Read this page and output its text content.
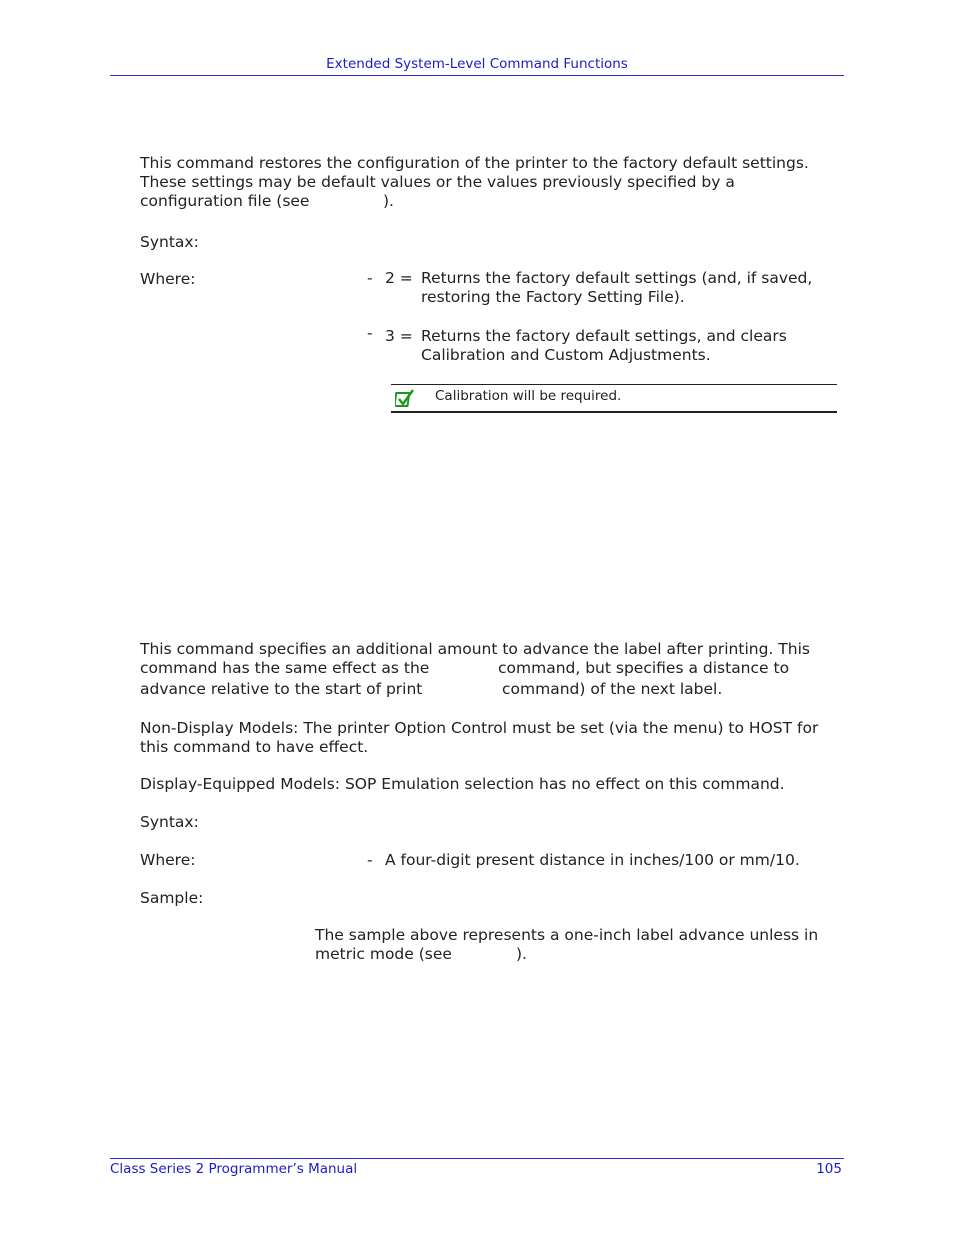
Extended System-Level Command Functions
This command restores the configuration of the printer to the factory default settings.
These settings may be default values or the values previously specified by a
configuration file (see	).
Syntax:
Where:	- 2 = Returns the factory default settings (and, if saved,
restoring the Factory Setting File).
- 3 = Returns the factory default settings, and clears
Calibration and Custom Adjustments.
Calibration will be required.
This command specifies an additional amount to advance the label after printing. This
command has the same effect as the	command, but specifies a distance to
advance relative to the start of print	command) of the next label.
Non-Display Models: The printer Option Control must be set (via the menu) to HOST for
this command to have effect.
Display-Equipped Models: SOP Emulation selection has no effect on this command.
Syntax:
Where:	- A four-digit present distance in inches/100 or mm/10.
Sample:
The sample above represents a one-inch label advance unless in
metric mode (see	).
Class Series 2 Programmer’s Manual	105
